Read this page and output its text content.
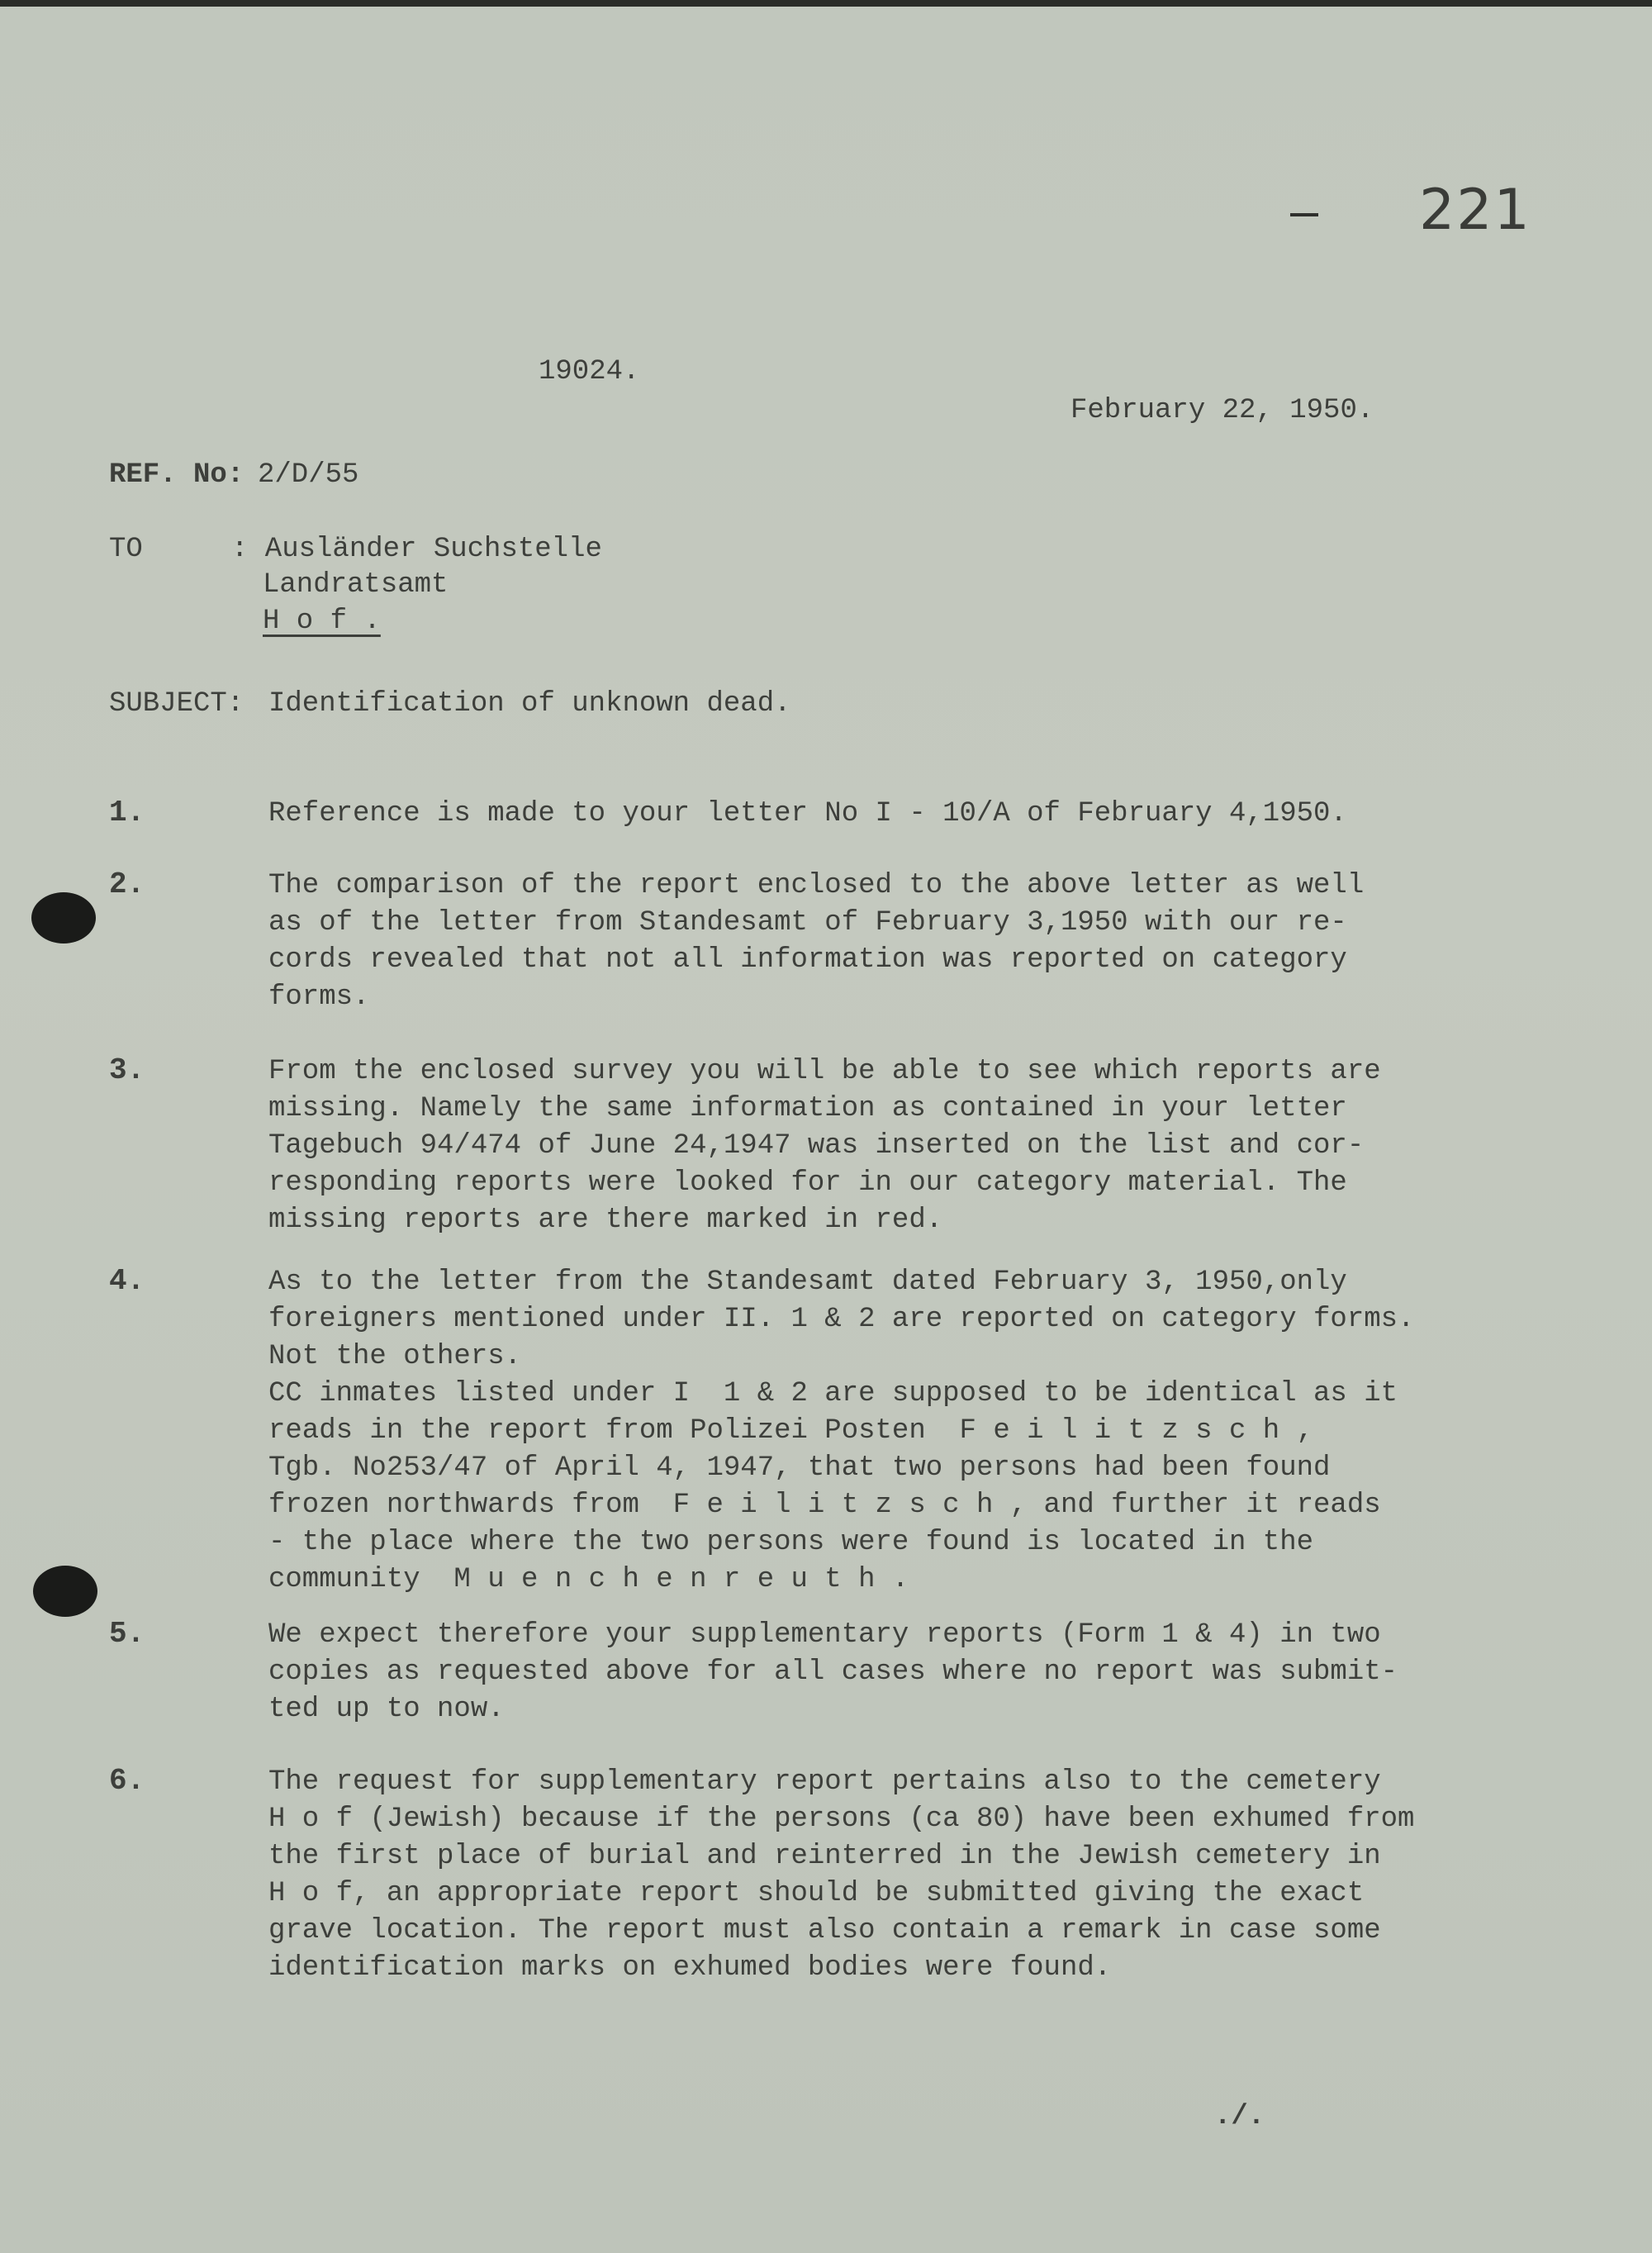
221
19024.
February 22, 1950.
REF. No: 2/D/55
TO	: Ausländer Suchstelle
Landratsamt
H o f .
SUBJECT: Identification of unknown dead.
1.	Reference is made to your letter No I - 10/A of February 4,1950.
2.	The comparison of the report enclosed to the above letter as well
as of the letter from Standesamt of February 3,1950 with our re-
cords revealed that not all information was reported on category
forms.
3.	From the enclosed survey you will be able to see which reports are
missing. Namely the same information as contained in your letter
Tagebuch 94/474 of June 24,1947 was inserted on the list and cor-
responding reports were looked for in our category material. The
missing reports are there marked in red.
4.	As to the letter from the Standesamt dated February 3, 1950,only
foreigners mentioned under II. 1 & 2 are reported on category forms.
Not the others.
CC inmates listed under I  1 & 2 are supposed to be identical as it
reads in the report from Polizei Posten  F e i l i t z s c h ,
Tgb. No253/47 of April 4, 1947, that two persons had been found
frozen northwards from  F e i l i t z s c h , and further it reads
- the place where the two persons were found is located in the
community  M u e n c h e n r e u t h .
5.	We expect therefore your supplementary reports (Form 1 & 4) in two
copies as requested above for all cases where no report was submit-
ted up to now.
6.	The request for supplementary report pertains also to the cemetery
H o f (Jewish) because if the persons (ca 80) have been exhumed from
the first place of burial and reinterred in the Jewish cemetery in
H o f, an appropriate report should be submitted giving the exact
grave location. The report must also contain a remark in case some
identification marks on exhumed bodies were found.
./.
